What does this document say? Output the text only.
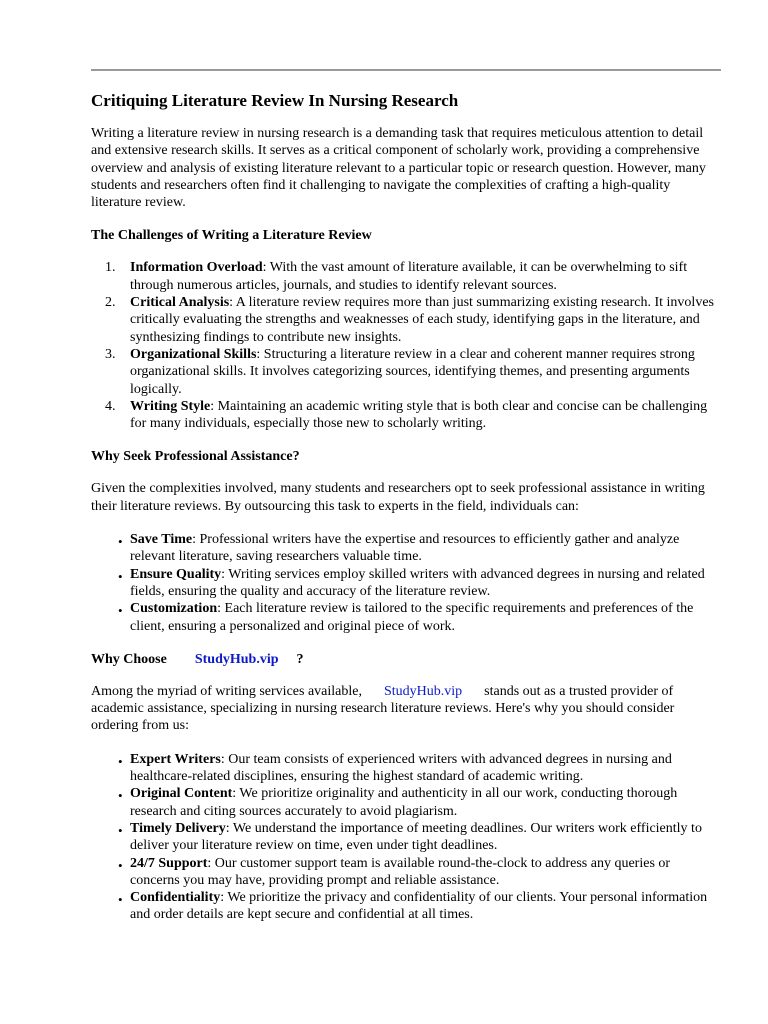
Critiquing Literature Review In Nursing Research

Writing a literature review in nursing research is a demanding task that requires meticulous attention to detail and extensive research skills. It serves as a critical component of scholarly work, providing a comprehensive overview and analysis of existing literature relevant to a particular topic or research question. However, many students and researchers often find it challenging to navigate the complexities of crafting a high-quality literature review.

The Challenges of Writing a Literature Review
1. Information Overload: With the vast amount of literature available, it can be overwhelming to sift through numerous articles, journals, and studies to identify relevant sources.
2. Critical Analysis: A literature review requires more than just summarizing existing research. It involves critically evaluating the strengths and weaknesses of each study, identifying gaps in the literature, and synthesizing findings to contribute new insights.
3. Organizational Skills: Structuring a literature review in a clear and coherent manner requires strong organizational skills. It involves categorizing sources, identifying themes, and presenting arguments logically.
4. Writing Style: Maintaining an academic writing style that is both clear and concise can be challenging for many individuals, especially those new to scholarly writing.
Why Seek Professional Assistance?

Given the complexities involved, many students and researchers opt to seek professional assistance in writing their literature reviews. By outsourcing this task to experts in the field, individuals can:

• Save Time: Professional writers have the expertise and resources to efficiently gather and analyze relevant literature, saving researchers valuable time.
• Ensure Quality: Writing services employ skilled writers with advanced degrees in nursing and related fields, ensuring the quality and accuracy of the literature review.
• Customization: Each literature review is tailored to the specific requirements and preferences of the client, ensuring a personalized and original piece of work.
Why Choose StudyHub.vip ?

Among the myriad of writing services available, StudyHub.vip stands out as a trusted provider of academic assistance, specializing in nursing research literature reviews. Here's why you should consider ordering from us:

• Expert Writers: Our team consists of experienced writers with advanced degrees in nursing and healthcare-related disciplines, ensuring the highest standard of academic writing.
• Original Content: We prioritize originality and authenticity in all our work, conducting thorough research and citing sources accurately to avoid plagiarism.
• Timely Delivery: We understand the importance of meeting deadlines. Our writers work efficiently to deliver your literature review on time, even under tight deadlines.
• 24/7 Support: Our customer support team is available round-the-clock to address any queries or concerns you may have, providing prompt and reliable assistance.
• Confidentiality: We prioritize the privacy and confidentiality of our clients. Your personal information and order details are kept secure and confidential at all times.
